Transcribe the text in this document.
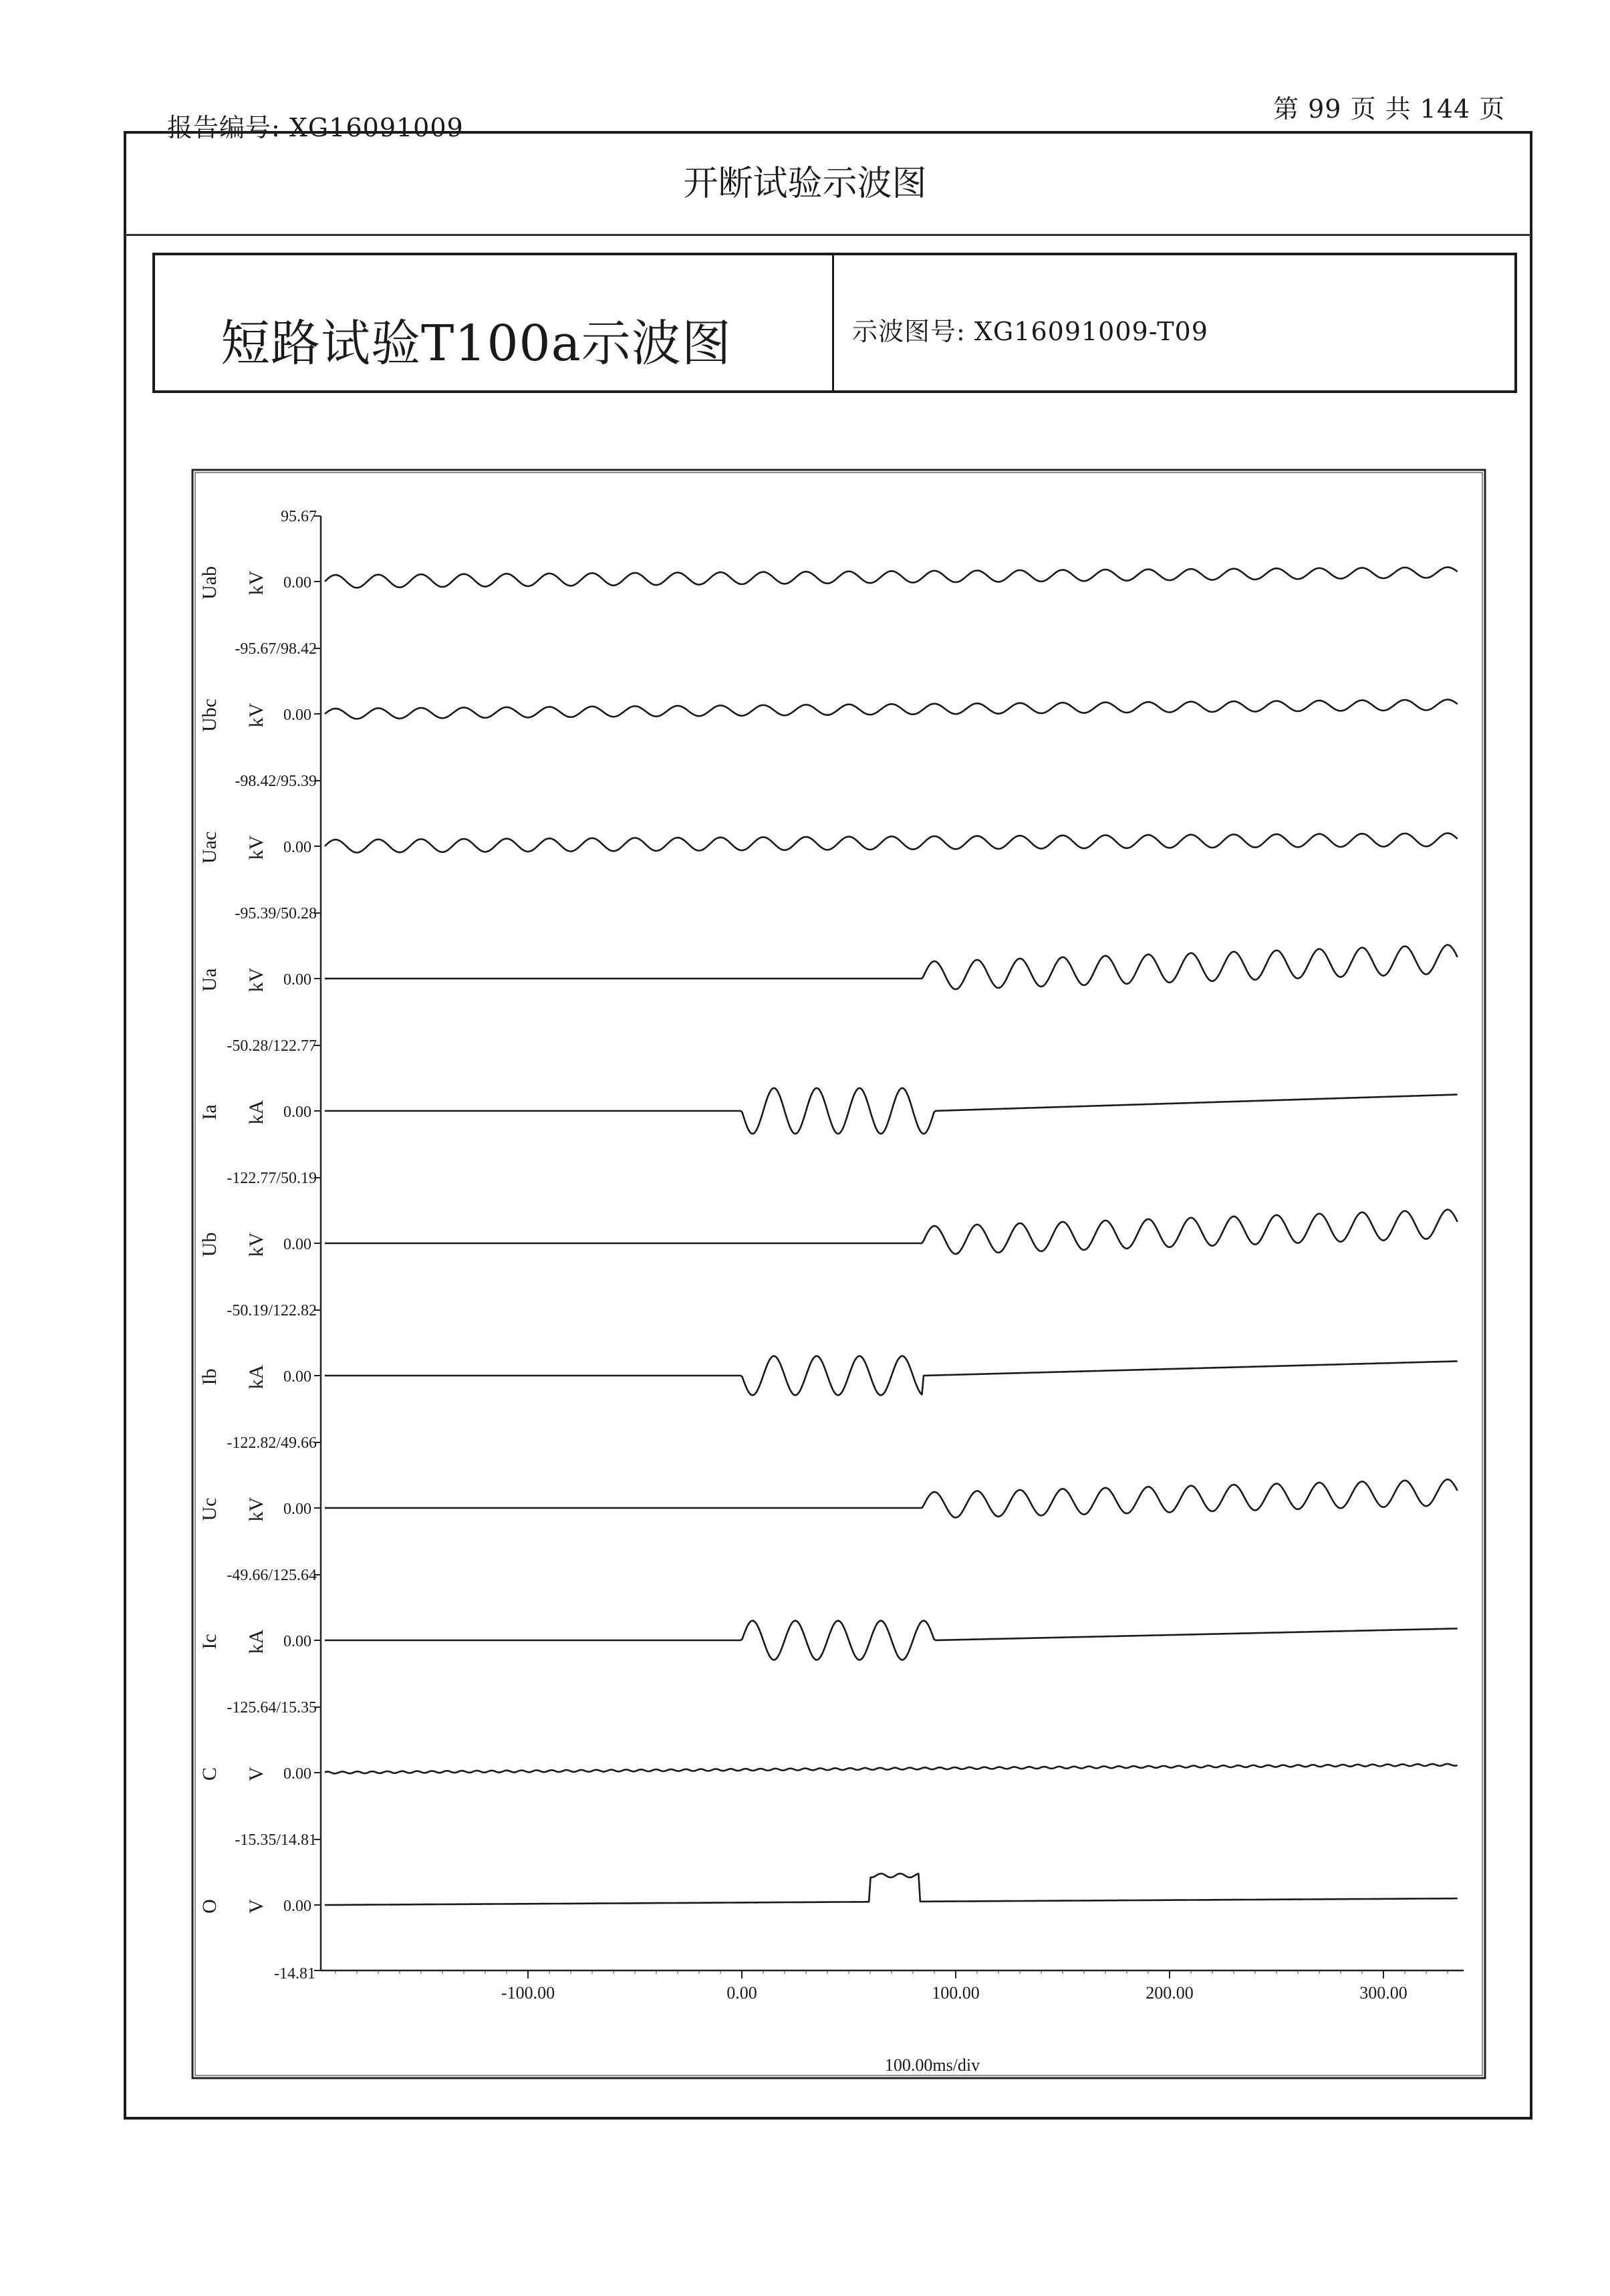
报告编号: XG16091009
第 99 页 共 144 页
开断试验示波图
短路试验T100a示波图	示波图号: XG16091009-T09
95.67
0.00
kV
Uab
-95.67/98.42
0.00
kV
Ubc
-98.42/95.39
0.00
kV
Uac
-95.39/50.28
0.00
kV
Ua
-50.28/122.77
0.00
kA
Ia
-122.77/50.19
0.00
kV
Ub
-50.19/122.82
0.00
kA
Ib
-122.82/49.66
0.00
kV
Uc
-49.66/125.64
0.00
kA
Ic
-125.64/15.35
0.00
V
C
-15.35/14.81
0.00
V
O
-14.81
-100.00	0.00	100.00	200.00	300.00
100.00ms/div
